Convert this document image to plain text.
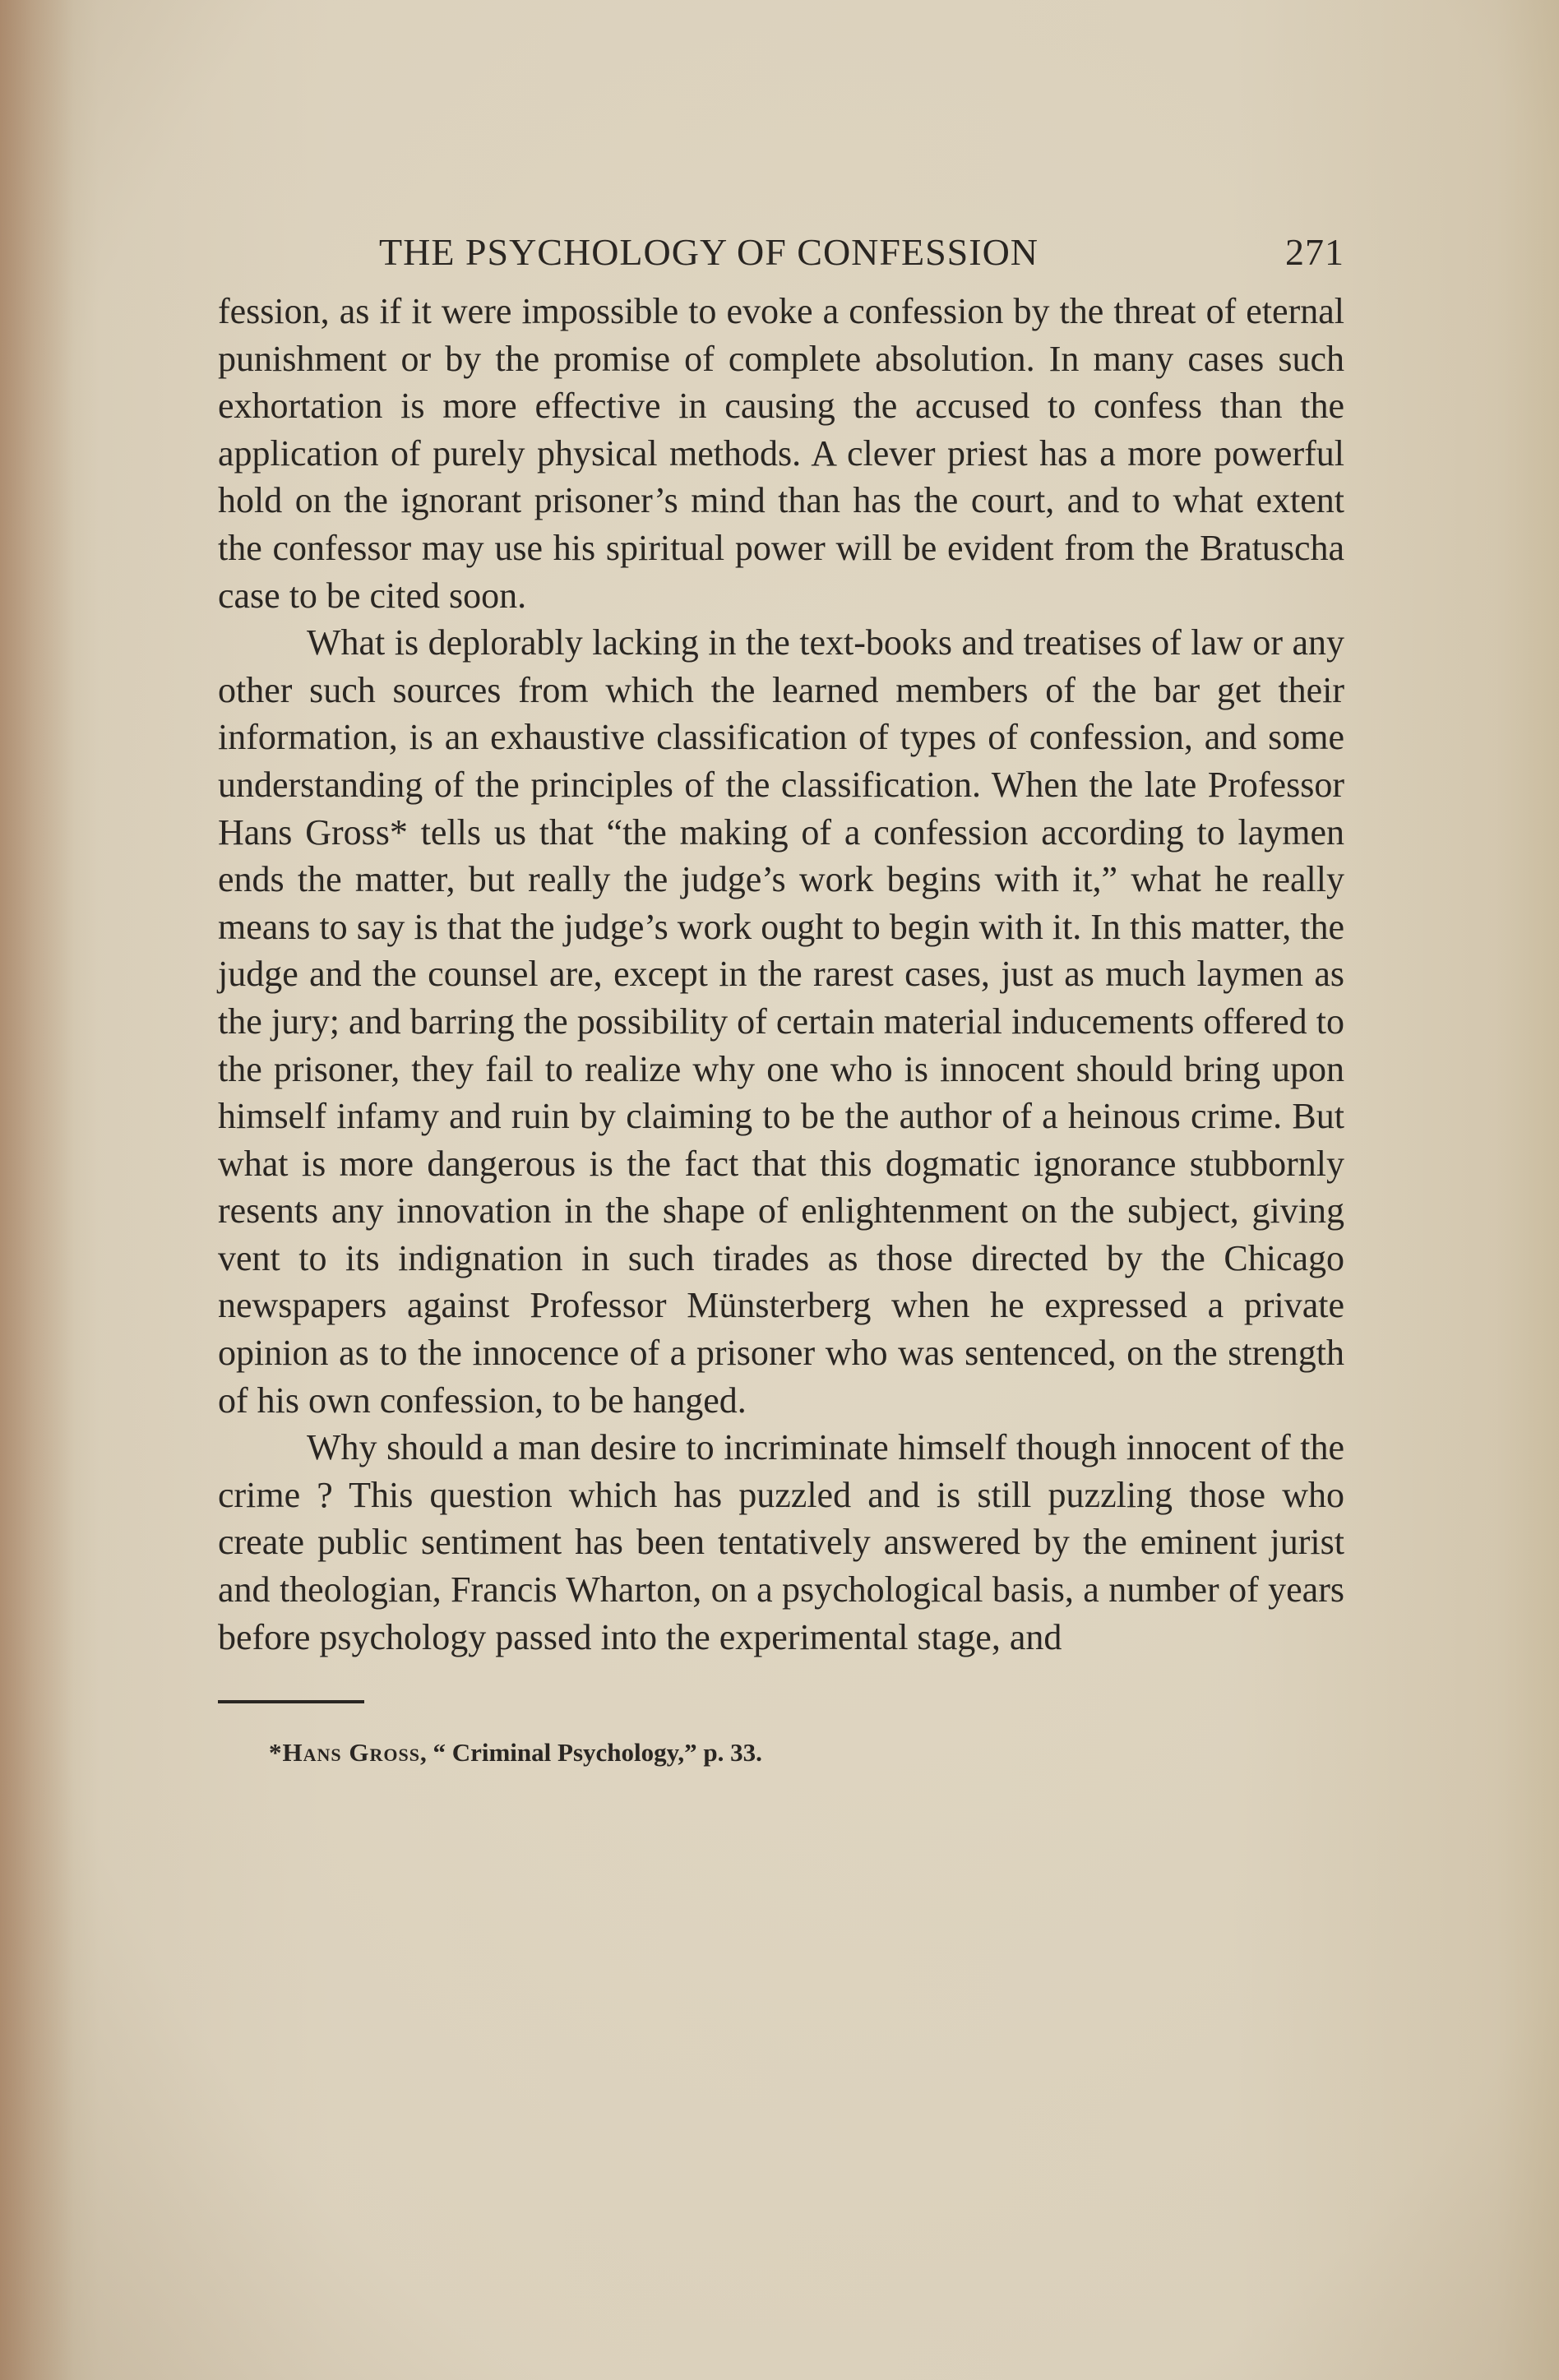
THE PSYCHOLOGY OF CONFESSION	271

fession, as if it were impossible to evoke a confession by the threat of eternal punishment or by the promise of complete absolution. In many cases such exhortation is more effective in causing the accused to confess than the application of purely physical methods. A clever priest has a more powerful hold on the ignorant prisoner’s mind than has the court, and to what extent the confessor may use his spiritual power will be evident from the Bratuscha case to be cited soon.

What is deplorably lacking in the text-books and treatises of law or any other such sources from which the learned members of the bar get their information, is an exhaustive classification of types of confession, and some understanding of the principles of the classification. When the late Professor Hans Gross* tells us that “the making of a confession according to laymen ends the matter, but really the judge’s work begins with it,” what he really means to say is that the judge’s work ought to begin with it. In this matter, the judge and the counsel are, except in the rarest cases, just as much laymen as the jury; and barring the possibility of certain material inducements offered to the prisoner, they fail to realize why one who is innocent should bring upon himself infamy and ruin by claiming to be the author of a heinous crime. But what is more dangerous is the fact that this dogmatic ignorance stubbornly resents any innovation in the shape of enlightenment on the subject, giving vent to its indignation in such tirades as those directed by the Chicago newspapers against Professor Münsterberg when he expressed a private opinion as to the innocence of a prisoner who was sentenced, on the strength of his own confession, to be hanged.

Why should a man desire to incriminate himself though innocent of the crime ? This question which has puzzled and is still puzzling those who create public sentiment has been tentatively answered by the eminent jurist and theologian, Francis Wharton, on a psychological basis, a number of years before psychology passed into the experimental stage, and

*Hans Gross, “ Criminal Psychology,” p. 33.
